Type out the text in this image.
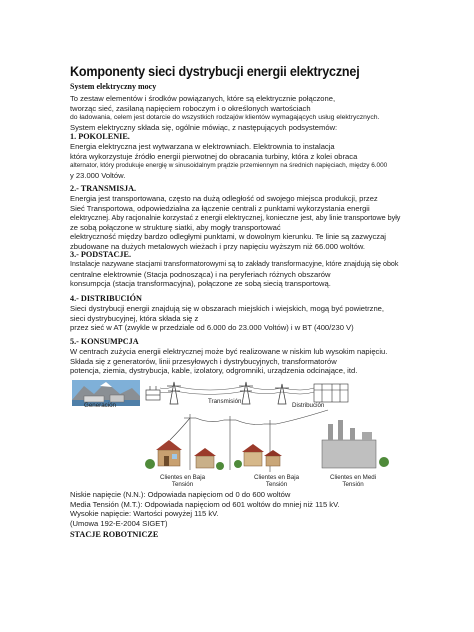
Komponenty sieci dystrybucji energii elektrycznej
System elektryczny mocy
To zestaw elementów i środków powiązanych, które są elektrycznie połączone,
tworząc sieć, zasilaną napięciem roboczym i o określonych wartościach
do ładowania, celem jest dotarcie do wszystkich rodzajów klientów wymagających usług elektrycznych.
System elektryczny składa się, ogólnie mówiąc, z następujących podsystemów:
1. POKOLENIE.
Energia elektryczna jest wytwarzana w elektrowniach. Elektrownia to instalacja
która wykorzystuje źródło energii pierwotnej do obracania turbiny, która z kolei obraca
alternator, który produkuje energię w sinusoidalnym prądzie przemiennym na średnich napięciach, między 6.000
y 23.000 Voltów.
2.- TRANSMISJA.
Energia jest transportowana, często na dużą odległość od swojego miejsca produkcji, przez
Sieć Transportowa, odpowiedzialna za łączenie centrali z punktami wykorzystania energii
elektrycznej. Aby racjonalnie korzystać z energii elektrycznej, konieczne jest, aby linie transportowe były
ze sobą połączone w strukturę siatki, aby mogły transportować
elektryczność między bardzo odległymi punktami, w dowolnym kierunku. Te linie są zazwyczaj
zbudowane na dużych metalowych wieżach i przy napięciu wyższym niż 66.000 woltów.
3.- PODSTACJE.
Instalacje nazywane stacjami transformatorowymi są to zakłady transformacyjne, które znajdują się obok
centralne elektrownie (Stacja podnosząca) i na peryferiach różnych obszarów
konsumpcja (stacja transformacyjna), połączone ze sobą siecią transportową.
4.- DISTRIBUCIÓN
Sieci dystrybucji energii znajdują się w obszarach miejskich i wiejskich, mogą być powietrzne,
sieci dystrybucyjnej, która składa się z
przez sieć w AT (zwykle w przedziale od 6.000 do 23.000 Voltów) i w BT (400/230 V)
5.- KONSUMPCJA
W centrach zużycia energii elektrycznej może być realizowane w niskim lub wysokim napięciu.
Składa się z generatorów, linii przesyłowych i dystrybucyjnych, transformatorów
potencja, ziemia, dystrybucja, kable, izolatory, odgromniki, urządzenia odcinające, itd.
Generación
Transmisión
Distribución
Clientes en Baja
Tensión
Clientes en Baja
Tensión
Clientes en Medi
Tensión
Niskie napięcie (N.N.): Odpowiada napięciom od 0 do 600 woltów
Media Tensión (M.T.): Odpowiada napięciom od 601 woltów do mniej niż 115 kV.
Wysokie napięcie: Wartości powyżej 115 kV.
(Umowa 192-E-2004 SIGET)
STACJE ROBOTNICZE
